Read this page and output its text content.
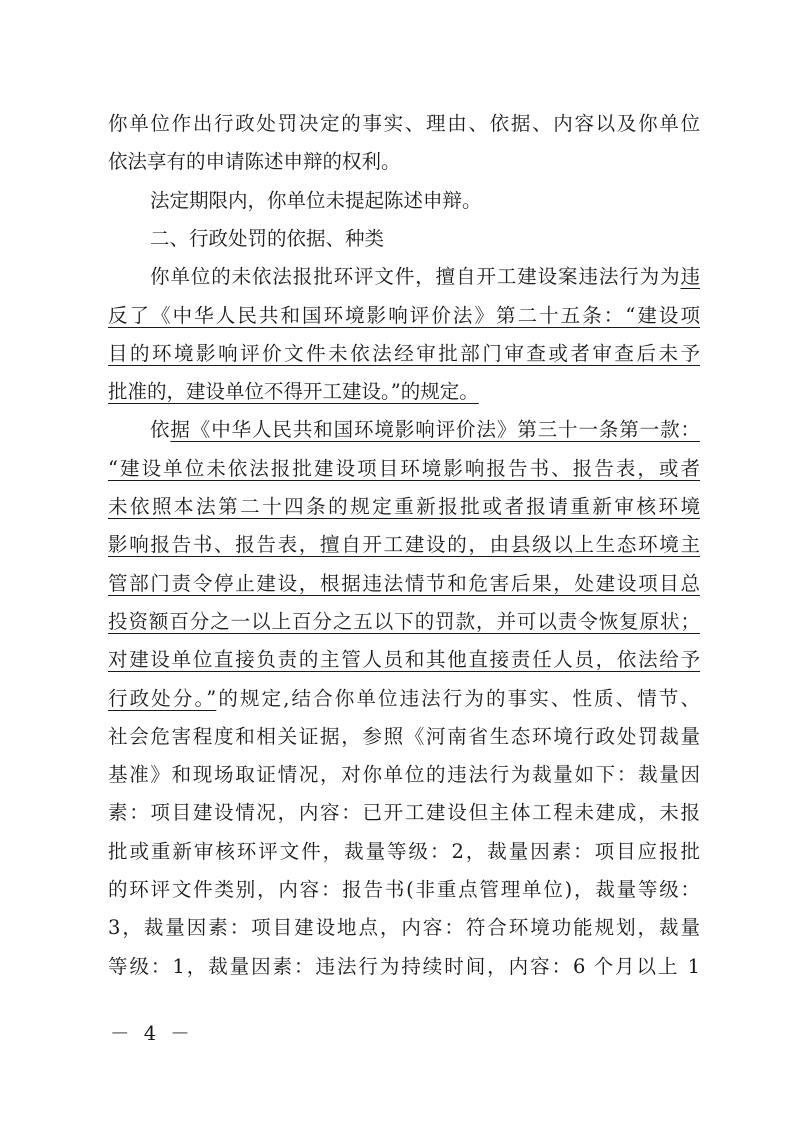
你单位作出行政处罚决定的事实、理由、依据、内容以及你单位
依法享有的申请陈述申辩的权利。
法定期限内，你单位未提起陈述申辩。
二、行政处罚的依据、种类
你单位的未依法报批环评文件，擅自开工建设案违法行为为违
反了《中华人民共和国环境影响评价法》第二十五条：“建设项
目的环境影响评价文件未依法经审批部门审查或者审查后未予
批准的，建设单位不得开工建设。”的规定。
依据《中华人民共和国环境影响评价法》第三十一条第一款：
“建设单位未依法报批建设项目环境影响报告书、报告表，或者
未依照本法第二十四条的规定重新报批或者报请重新审核环境
影响报告书、报告表，擅自开工建设的，由县级以上生态环境主
管部门责令停止建设，根据违法情节和危害后果，处建设项目总
投资额百分之一以上百分之五以下的罚款，并可以责令恢复原状；
对建设单位直接负责的主管人员和其他直接责任人员，依法给予
行政处分。”的规定,结合你单位违法行为的事实、性质、情节、
社会危害程度和相关证据，参照《河南省生态环境行政处罚裁量
基准》和现场取证情况，对你单位的违法行为裁量如下：裁量因
素：项目建设情况，内容：已开工建设但主体工程未建成，未报
批或重新审核环评文件，裁量等级：2，裁量因素：项目应报批
的环评文件类别，内容：报告书(非重点管理单位)，裁量等级：
3，裁量因素：项目建设地点，内容：符合环境功能规划，裁量
等级：1，裁量因素：违法行为持续时间，内容：6 个月以上 1
－ 4 －
